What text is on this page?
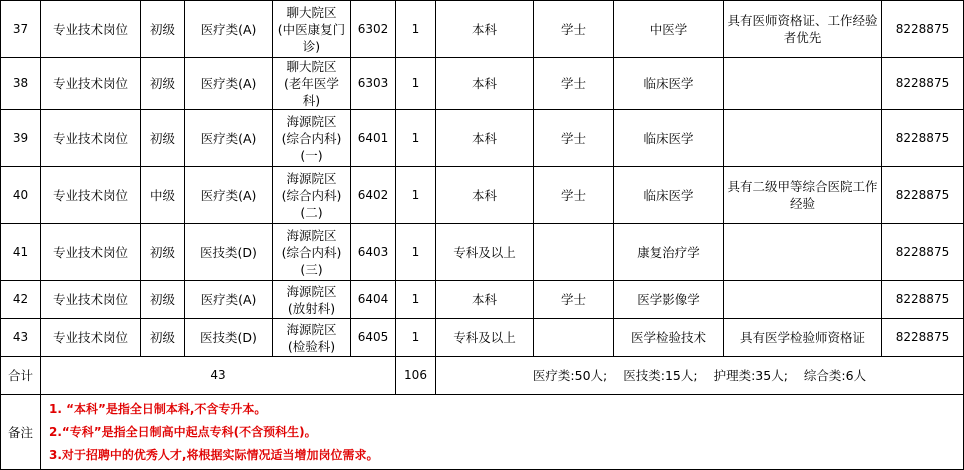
37	专业技术岗位	初级	医疗类(A)	聊大院区
(中医康复门
诊)	6302	1	本科	学士	中医学	具有医师资格证、工作经验者优先	8228875
38	专业技术岗位	初级	医疗类(A)	聊大院区
(老年医学科)	6303	1	本科	学士	临床医学		8228875
39	专业技术岗位	初级	医疗类(A)	海源院区
(综合内科)
(一)	6401	1	本科	学士	临床医学		8228875
40	专业技术岗位	中级	医疗类(A)	海源院区
(综合内科)
(二)	6402	1	本科	学士	临床医学	具有二级甲等综合医院工作经验	8228875
41	专业技术岗位	初级	医技类(D)	海源院区
(综合内科)
(三)	6403	1	专科及以上		康复治疗学		8228875
42	专业技术岗位	初级	医疗类(A)	海源院区
(放射科)	6404	1	本科	学士	医学影像学		8228875
43	专业技术岗位	初级	医技类(D)	海源院区
(检验科)	6405	1	专科及以上		医学检验技术	具有医学检验师资格证	8228875
合计	43					106	医疗类:50人; 医技类:15人; 护理类:35人; 综合类:6人				
备注	1. “本科”是指全日制本科,不含专升本。
2.“专科”是指全日制高中起点专科(不含预科生)。
3.对于招聘中的优秀人才,将根据实际情况适当增加岗位需求。										
